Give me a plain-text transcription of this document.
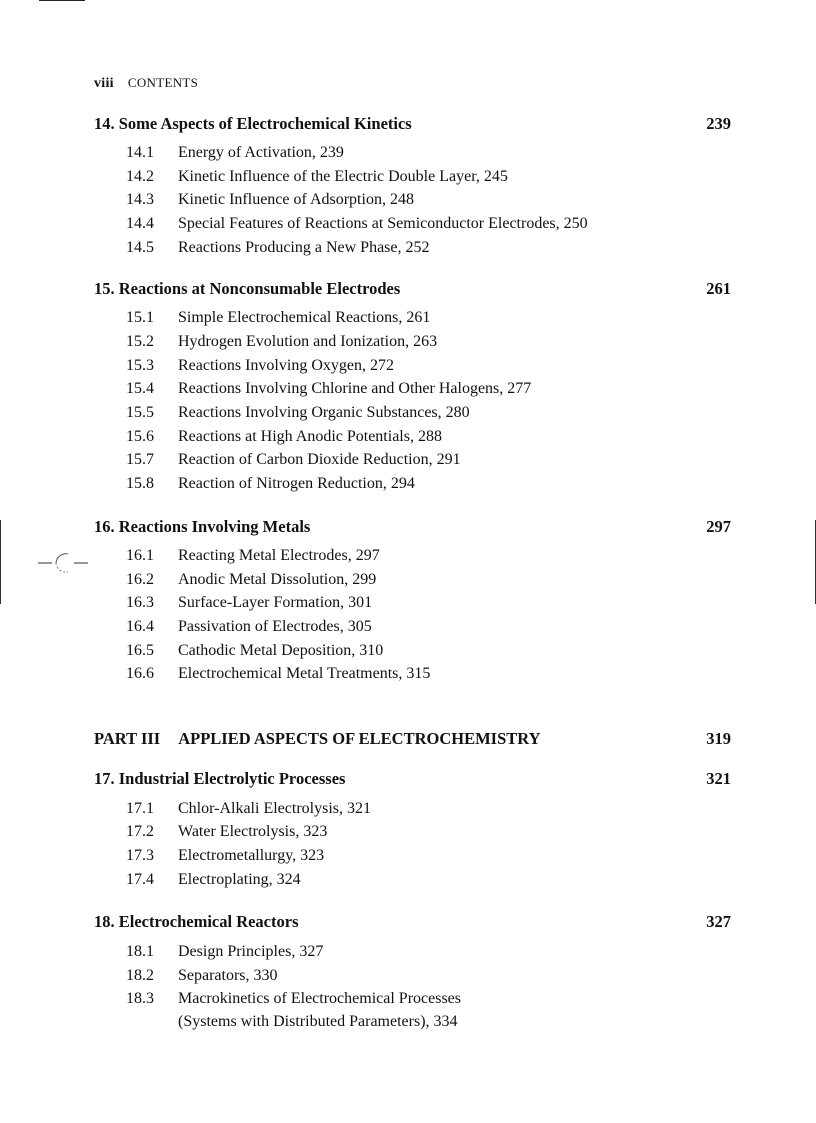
viii CONTENTS
14. Some Aspects of Electrochemical Kinetics	239
14.1 Energy of Activation, 239
14.2 Kinetic Influence of the Electric Double Layer, 245
14.3 Kinetic Influence of Adsorption, 248
14.4 Special Features of Reactions at Semiconductor Electrodes, 250
14.5 Reactions Producing a New Phase, 252
15. Reactions at Nonconsumable Electrodes	261
15.1 Simple Electrochemical Reactions, 261
15.2 Hydrogen Evolution and Ionization, 263
15.3 Reactions Involving Oxygen, 272
15.4 Reactions Involving Chlorine and Other Halogens, 277
15.5 Reactions Involving Organic Substances, 280
15.6 Reactions at High Anodic Potentials, 288
15.7 Reaction of Carbon Dioxide Reduction, 291
15.8 Reaction of Nitrogen Reduction, 294
16. Reactions Involving Metals	297
16.1 Reacting Metal Electrodes, 297
16.2 Anodic Metal Dissolution, 299
16.3 Surface-Layer Formation, 301
16.4 Passivation of Electrodes, 305
16.5 Cathodic Metal Deposition, 310
16.6 Electrochemical Metal Treatments, 315
PART III APPLIED ASPECTS OF ELECTROCHEMISTRY	319
17. Industrial Electrolytic Processes	321
17.1 Chlor-Alkali Electrolysis, 321
17.2 Water Electrolysis, 323
17.3 Electrometallurgy, 323
17.4 Electroplating, 324
18. Electrochemical Reactors	327
18.1 Design Principles, 327
18.2 Separators, 330
18.3 Macrokinetics of Electrochemical Processes
(Systems with Distributed Parameters), 334
